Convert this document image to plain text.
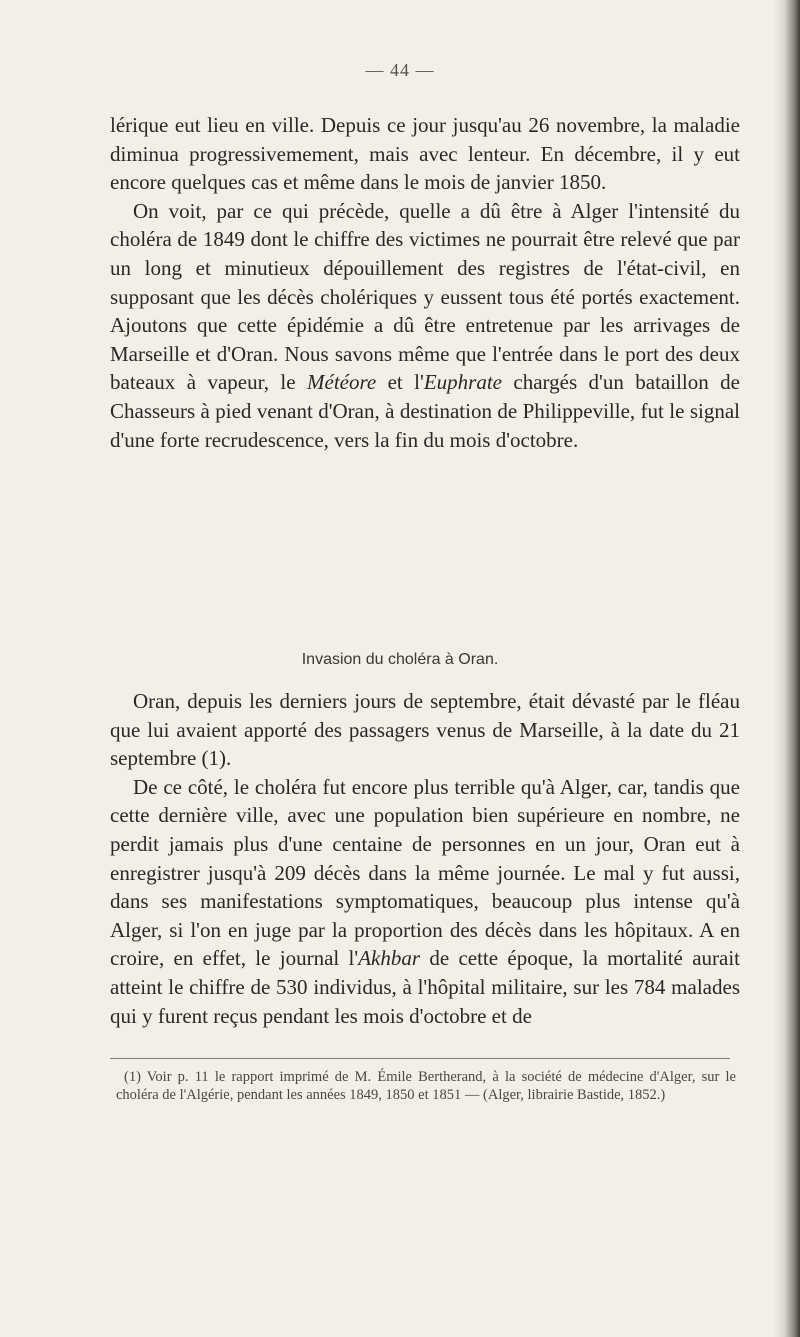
— 44 —

lérique eut lieu en ville. Depuis ce jour jusqu'au 26 novembre, la maladie diminua progressivemement, mais avec lenteur. En décembre, il y eut encore quelques cas et même dans le mois de janvier 1850.

On voit, par ce qui précède, quelle a dû être à Alger l'intensité du choléra de 1849 dont le chiffre des victimes ne pourrait être relevé que par un long et minutieux dépouillement des registres de l'état-civil, en supposant que les décès cholériques y eussent tous été portés exactement. Ajoutons que cette épidémie a dû être entretenue par les arrivages de Marseille et d'Oran. Nous savons même que l'entrée dans le port des deux bateaux à vapeur, le Météore et l'Euphrate chargés d'un bataillon de Chasseurs à pied venant d'Oran, à destination de Philippeville, fut le signal d'une forte recrudescence, vers la fin du mois d'octobre.

Invasion du choléra à Oran.

Oran, depuis les derniers jours de septembre, était dévasté par le fléau que lui avaient apporté des passagers venus de Marseille, à la date du 21 septembre (1).

De ce côté, le choléra fut encore plus terrible qu'à Alger, car, tandis que cette dernière ville, avec une population bien supérieure en nombre, ne perdit jamais plus d'une centaine de personnes en un jour, Oran eut à enregistrer jusqu'à 209 décès dans la même journée. Le mal y fut aussi, dans ses manifestations symptomatiques, beaucoup plus intense qu'à Alger, si l'on en juge par la proportion des décès dans les hôpitaux. A en croire, en effet, le journal l'Akhbar de cette époque, la mortalité aurait atteint le chiffre de 530 individus, à l'hôpital militaire, sur les 784 malades qui y furent reçus pendant les mois d'octobre et de

(1) Voir p. 11 le rapport imprimé de M. Émile Bertherand, à la société de médecine d'Alger, sur le choléra de l'Algérie, pendant les années 1849, 1850 et 1851 — (Alger, librairie Bastide, 1852.)
